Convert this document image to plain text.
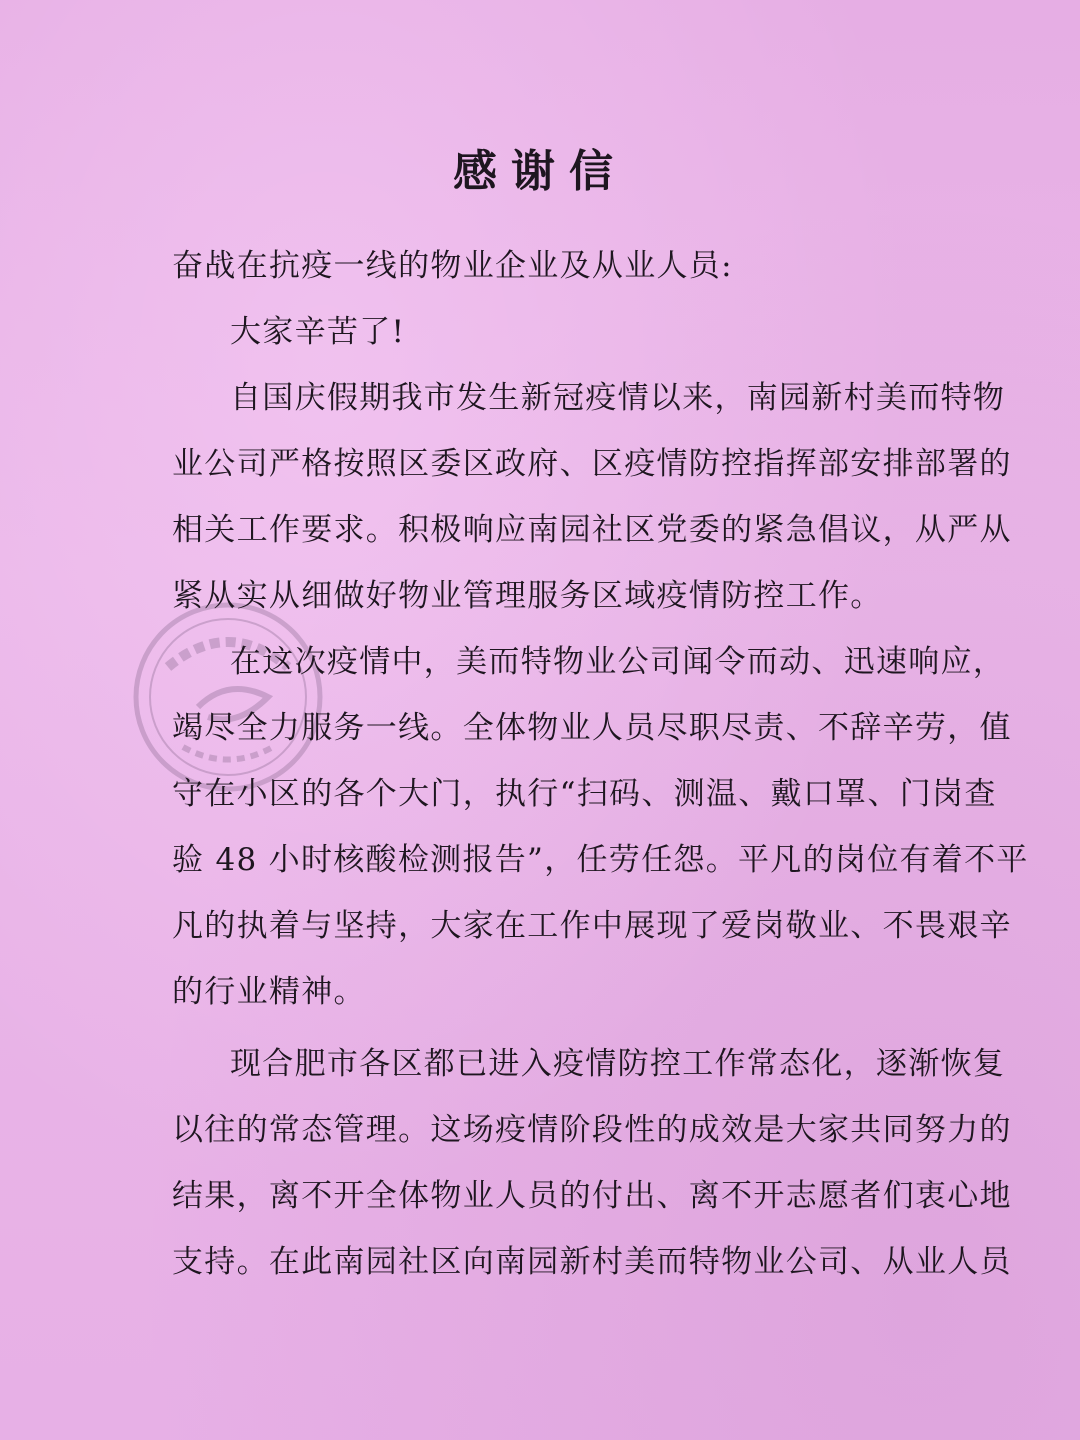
感谢信
奋战在抗疫一线的物业企业及从业人员:
大家辛苦了!
自国庆假期我市发生新冠疫情以来，南园新村美而特物
业公司严格按照区委区政府、区疫情防控指挥部安排部署的
相关工作要求。积极响应南园社区党委的紧急倡议，从严从
紧从实从细做好物业管理服务区域疫情防控工作。
在这次疫情中，美而特物业公司闻令而动、迅速响应，
竭尽全力服务一线。全体物业人员尽职尽责、不辞辛劳，值
守在小区的各个大门，执行“扫码、测温、戴口罩、门岗查
验 48 小时核酸检测报告”，任劳任怨。平凡的岗位有着不平
凡的执着与坚持，大家在工作中展现了爱岗敬业、不畏艰辛
的行业精神。
现合肥市各区都已进入疫情防控工作常态化，逐渐恢复
以往的常态管理。这场疫情阶段性的成效是大家共同努力的
结果，离不开全体物业人员的付出、离不开志愿者们衷心地
支持。在此南园社区向南园新村美而特物业公司、从业人员
